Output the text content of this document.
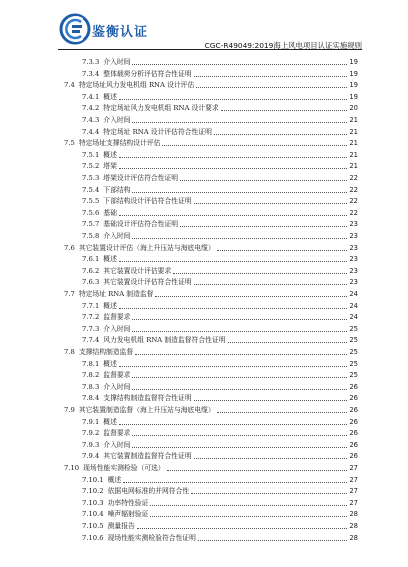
鉴衡认证
CGC-R49049:2019海上风电项目认证实施规则
7.3.3 介入时间	19
7.3.4 整体载荷分析评估符合性证明	19
7.4 特定场址风力发电机组 RNA 设计评估	19
7.4.1 概述	19
7.4.2 特定场址风力发电机组 RNA 设计要求	20
7.4.3 介入时间	21
7.4.4 特定场址 RNA 设计评估符合性证明	21
7.5 特定场址支撑结构设计评估	21
7.5.1 概述	21
7.5.2 塔架	21
7.5.3 塔架设计评估符合性证明	22
7.5.4 下部结构	22
7.5.5 下部结构设计评估符合性证明	22
7.5.6 基础	22
7.5.7 基础设计评估符合性证明	23
7.5.8 介入时间	23
7.6 其它装置设计评估（海上升压站与海底电缆）	23
7.6.1 概述	23
7.6.2 其它装置设计评估要求	23
7.6.3 其它装置设计评估符合性证明	23
7.7 特定场址 RNA 制造监督	24
7.7.1 概述	24
7.7.2 监督要求	24
7.7.3 介入时间	25
7.7.4 风力发电机组 RNA 制造监督符合性证明	25
7.8 支撑结构制造监督	25
7.8.1 概述	25
7.8.2 监督要求	25
7.8.3 介入时间	26
7.8.4 支撑结构制造监督符合性证明	26
7.9 其它装置制造监督（海上升压站与海底电缆）	26
7.9.1 概述	26
7.9.2 监督要求	26
7.9.3 介入时间	26
7.9.4 其它装置制造监督符合性证明	26
7.10 现场性能实测检验（可选）	27
7.10.1 概述	27
7.10.2 依据电网标准的并网符合性	27
7.10.3 功率特性验证	27
7.10.4 噪声辐射验证	28
7.10.5 测量报告	28
7.10.6 现场性能实测检验符合性证明	28
